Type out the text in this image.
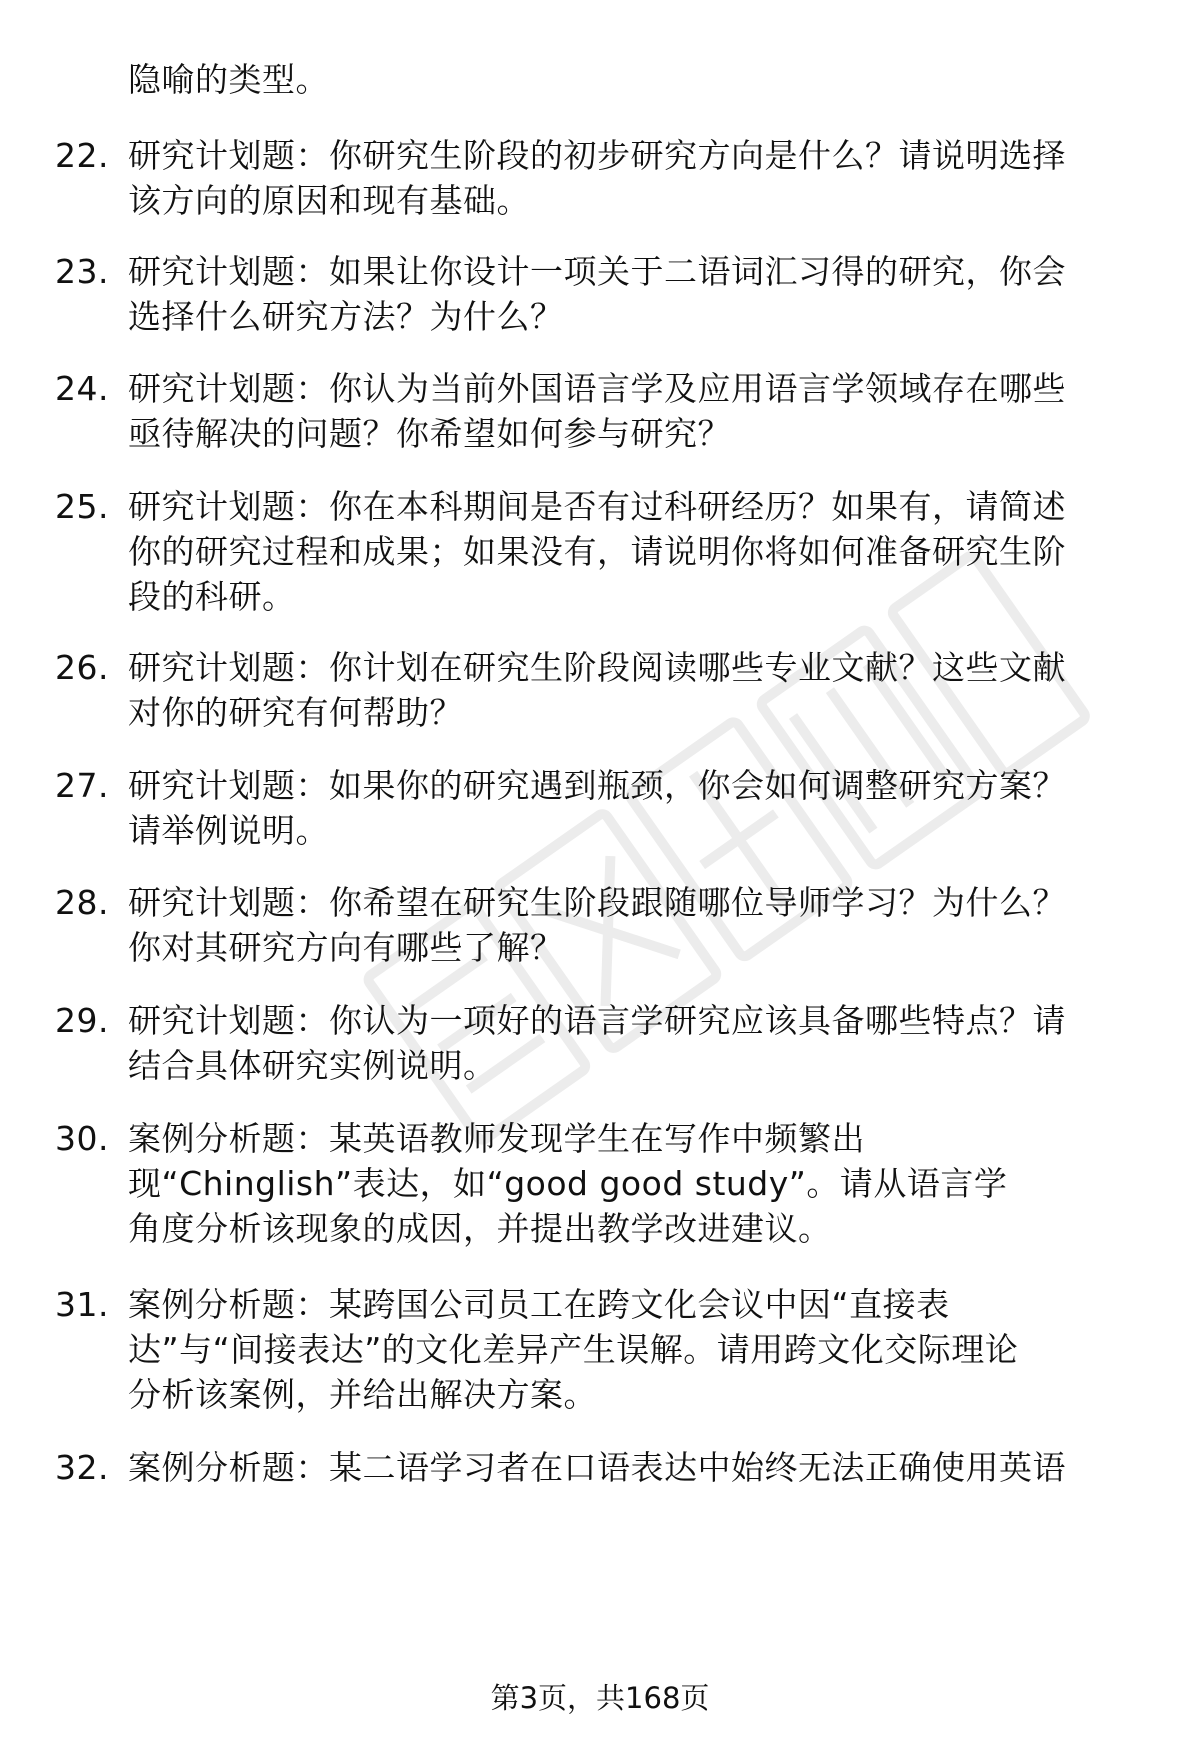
隐喻的类型。
22. 研究计划题：你研究生阶段的初步研究方向是什么？请说明选择
该方向的原因和现有基础。
23. 研究计划题：如果让你设计一项关于二语词汇习得的研究，你会
选择什么研究方法？为什么？
24. 研究计划题：你认为当前外国语言学及应用语言学领域存在哪些
亟待解决的问题？你希望如何参与研究？
25. 研究计划题：你在本科期间是否有过科研经历？如果有，请简述
你的研究过程和成果；如果没有，请说明你将如何准备研究生阶
段的科研。
26. 研究计划题：你计划在研究生阶段阅读哪些专业文献？这些文献
对你的研究有何帮助？
27. 研究计划题：如果你的研究遇到瓶颈，你会如何调整研究方案？
请举例说明。
28. 研究计划题：你希望在研究生阶段跟随哪位导师学习？为什么？
你对其研究方向有哪些了解？
29. 研究计划题：你认为一项好的语言学研究应该具备哪些特点？请
结合具体研究实例说明。
30. 案例分析题：某英语教师发现学生在写作中频繁出
现“Chinglish”表达，如“good good study”。请从语言学
角度分析该现象的成因，并提出教学改进建议。
31. 案例分析题：某跨国公司员工在跨文化会议中因“直接表
达”与“间接表达”的文化差异产生误解。请用跨文化交际理论
分析该案例，并给出解决方案。
32. 案例分析题：某二语学习者在口语表达中始终无法正确使用英语
第3页，共168页
